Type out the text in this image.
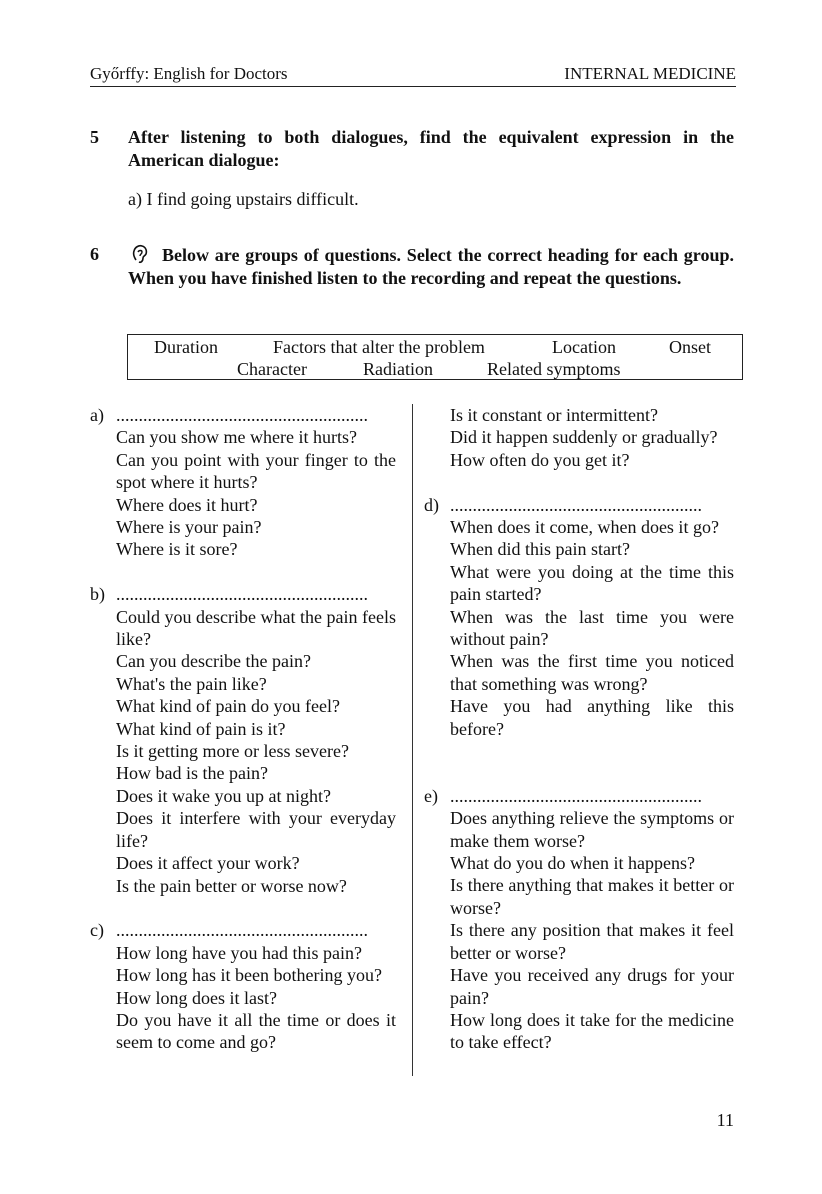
Győrffy: English for Doctors	INTERNAL MEDICINE
5 After listening to both dialogues, find the equivalent expression in the American dialogue:
a) I find going upstairs difficult.
6	Below are groups of questions. Select the correct heading for each group. When you have finished listen to the recording and repeat the questions.
Duration	Factors that alter the problem	Location	Onset
Character	Radiation	Related symptoms
a) ........................................................
Can you show me where it hurts?
Can you point with your finger to the spot where it hurts?
Where does it hurt?
Where is your pain?
Where is it sore?
b) ........................................................
Could you describe what the pain feels like?
Can you describe the pain?
What's the pain like?
What kind of pain do you feel?
What kind of pain is it?
Is it getting more or less severe?
How bad is the pain?
Does it wake you up at night?
Does it interfere with your everyday life?
Does it affect your work?
Is the pain better or worse now?
c) ........................................................
How long have you had this pain?
How long has it been bothering you?
How long does it last?
Do you have it all the time or does it seem to come and go?
Is it constant or intermittent?
Did it happen suddenly or gradually?
How often do you get it?
d) ........................................................
When does it come, when does it go?
When did this pain start?
What were you doing at the time this pain started?
When was the last time you were without pain?
When was the first time you noticed that something was wrong?
Have you had anything like this before?
e) ........................................................
Does anything relieve the symptoms or make them worse?
What do you do when it happens?
Is there anything that makes it better or worse?
Is there any position that makes it feel better or worse?
Have you received any drugs for your pain?
How long does it take for the medicine to take effect?
11
